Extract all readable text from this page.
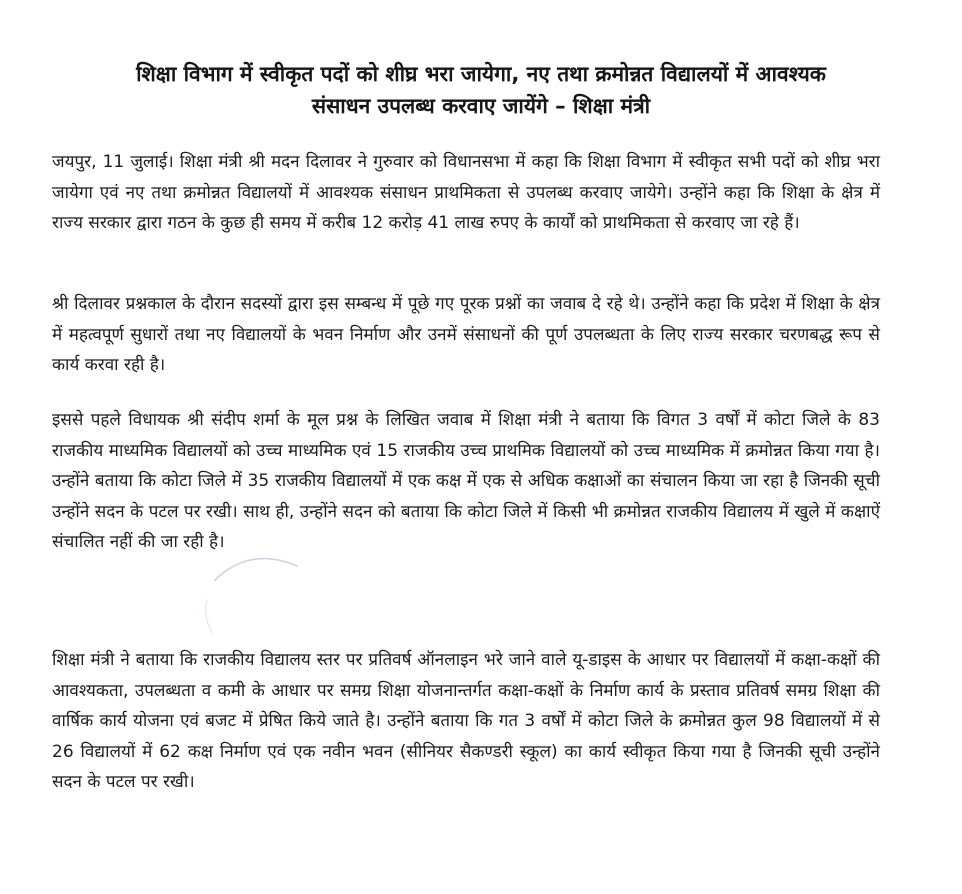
शिक्षा विभाग में स्वीकृत पदों को शीघ्र भरा जायेगा, नए तथा क्रमोन्नत विद्यालयों में आवश्यक
संसाधन उपलब्ध करवाए जायेंगे – शिक्षा मंत्री

जयपुर, 11 जुलाई। शिक्षा मंत्री श्री मदन दिलावर ने गुरुवार को विधानसभा में कहा कि शिक्षा विभाग में स्वीकृत सभी पदों को शीघ्र भरा जायेगा एवं नए तथा क्रमोन्नत विद्यालयों में आवश्यक संसाधन प्राथमिकता से उपलब्ध करवाए जायेगे। उन्होंने कहा कि शिक्षा के क्षेत्र में राज्य सरकार द्वारा गठन के कुछ ही समय में करीब 12 करोड़ 41 लाख रुपए के कार्यों को प्राथमिकता से करवाए जा रहे हैं।

श्री दिलावर प्रश्नकाल के दौरान सदस्यों द्वारा इस सम्बन्ध में पूछे गए पूरक प्रश्नों का जवाब दे रहे थे। उन्होंने कहा कि प्रदेश में शिक्षा के क्षेत्र में महत्वपूर्ण सुधारों तथा नए विद्यालयों के भवन निर्माण और उनमें संसाधनों की पूर्ण उपलब्धता के लिए राज्य सरकार चरणबद्ध रूप से कार्य करवा रही है।

इससे पहले विधायक श्री संदीप शर्मा के मूल प्रश्न के लिखित जवाब में शिक्षा मंत्री ने बताया कि विगत 3 वर्षों में कोटा जिले के 83 राजकीय माध्यमिक विद्यालयों को उच्च माध्यमिक एवं 15 राजकीय उच्च प्राथमिक विद्यालयों को उच्च माध्यमिक में क्रमोन्नत किया गया है। उन्होंने बताया कि कोटा जिले में 35 राजकीय विद्यालयों में एक कक्ष में एक से अधिक कक्षाओं का संचालन किया जा रहा है जिनकी सूची उन्होंने सदन के पटल पर रखी। साथ ही, उन्होंने सदन को बताया कि कोटा जिले में किसी भी क्रमोन्नत राजकीय विद्यालय में खुले में कक्षाऐं संचालित नहीं की जा रही है।

शिक्षा मंत्री ने बताया कि राजकीय विद्यालय स्तर पर प्रतिवर्ष ऑनलाइन भरे जाने वाले यू-डाइस के आधार पर विद्यालयों में कक्षा-कक्षों की आवश्यकता, उपलब्धता व कमी के आधार पर समग्र शिक्षा योजनान्तर्गत कक्षा-कक्षों के निर्माण कार्य के प्रस्ताव प्रतिवर्ष समग्र शिक्षा की वार्षिक कार्य योजना एवं बजट में प्रेषित किये जाते है। उन्होंने बताया कि गत 3 वर्षों में कोटा जिले के क्रमोन्नत कुल 98 विद्यालयों में से 26 विद्यालयों में 62 कक्ष निर्माण एवं एक नवीन भवन (सीनियर सैकण्डरी स्कूल) का कार्य स्वीकृत किया गया है जिनकी सूची उन्होंने सदन के पटल पर रखी।
